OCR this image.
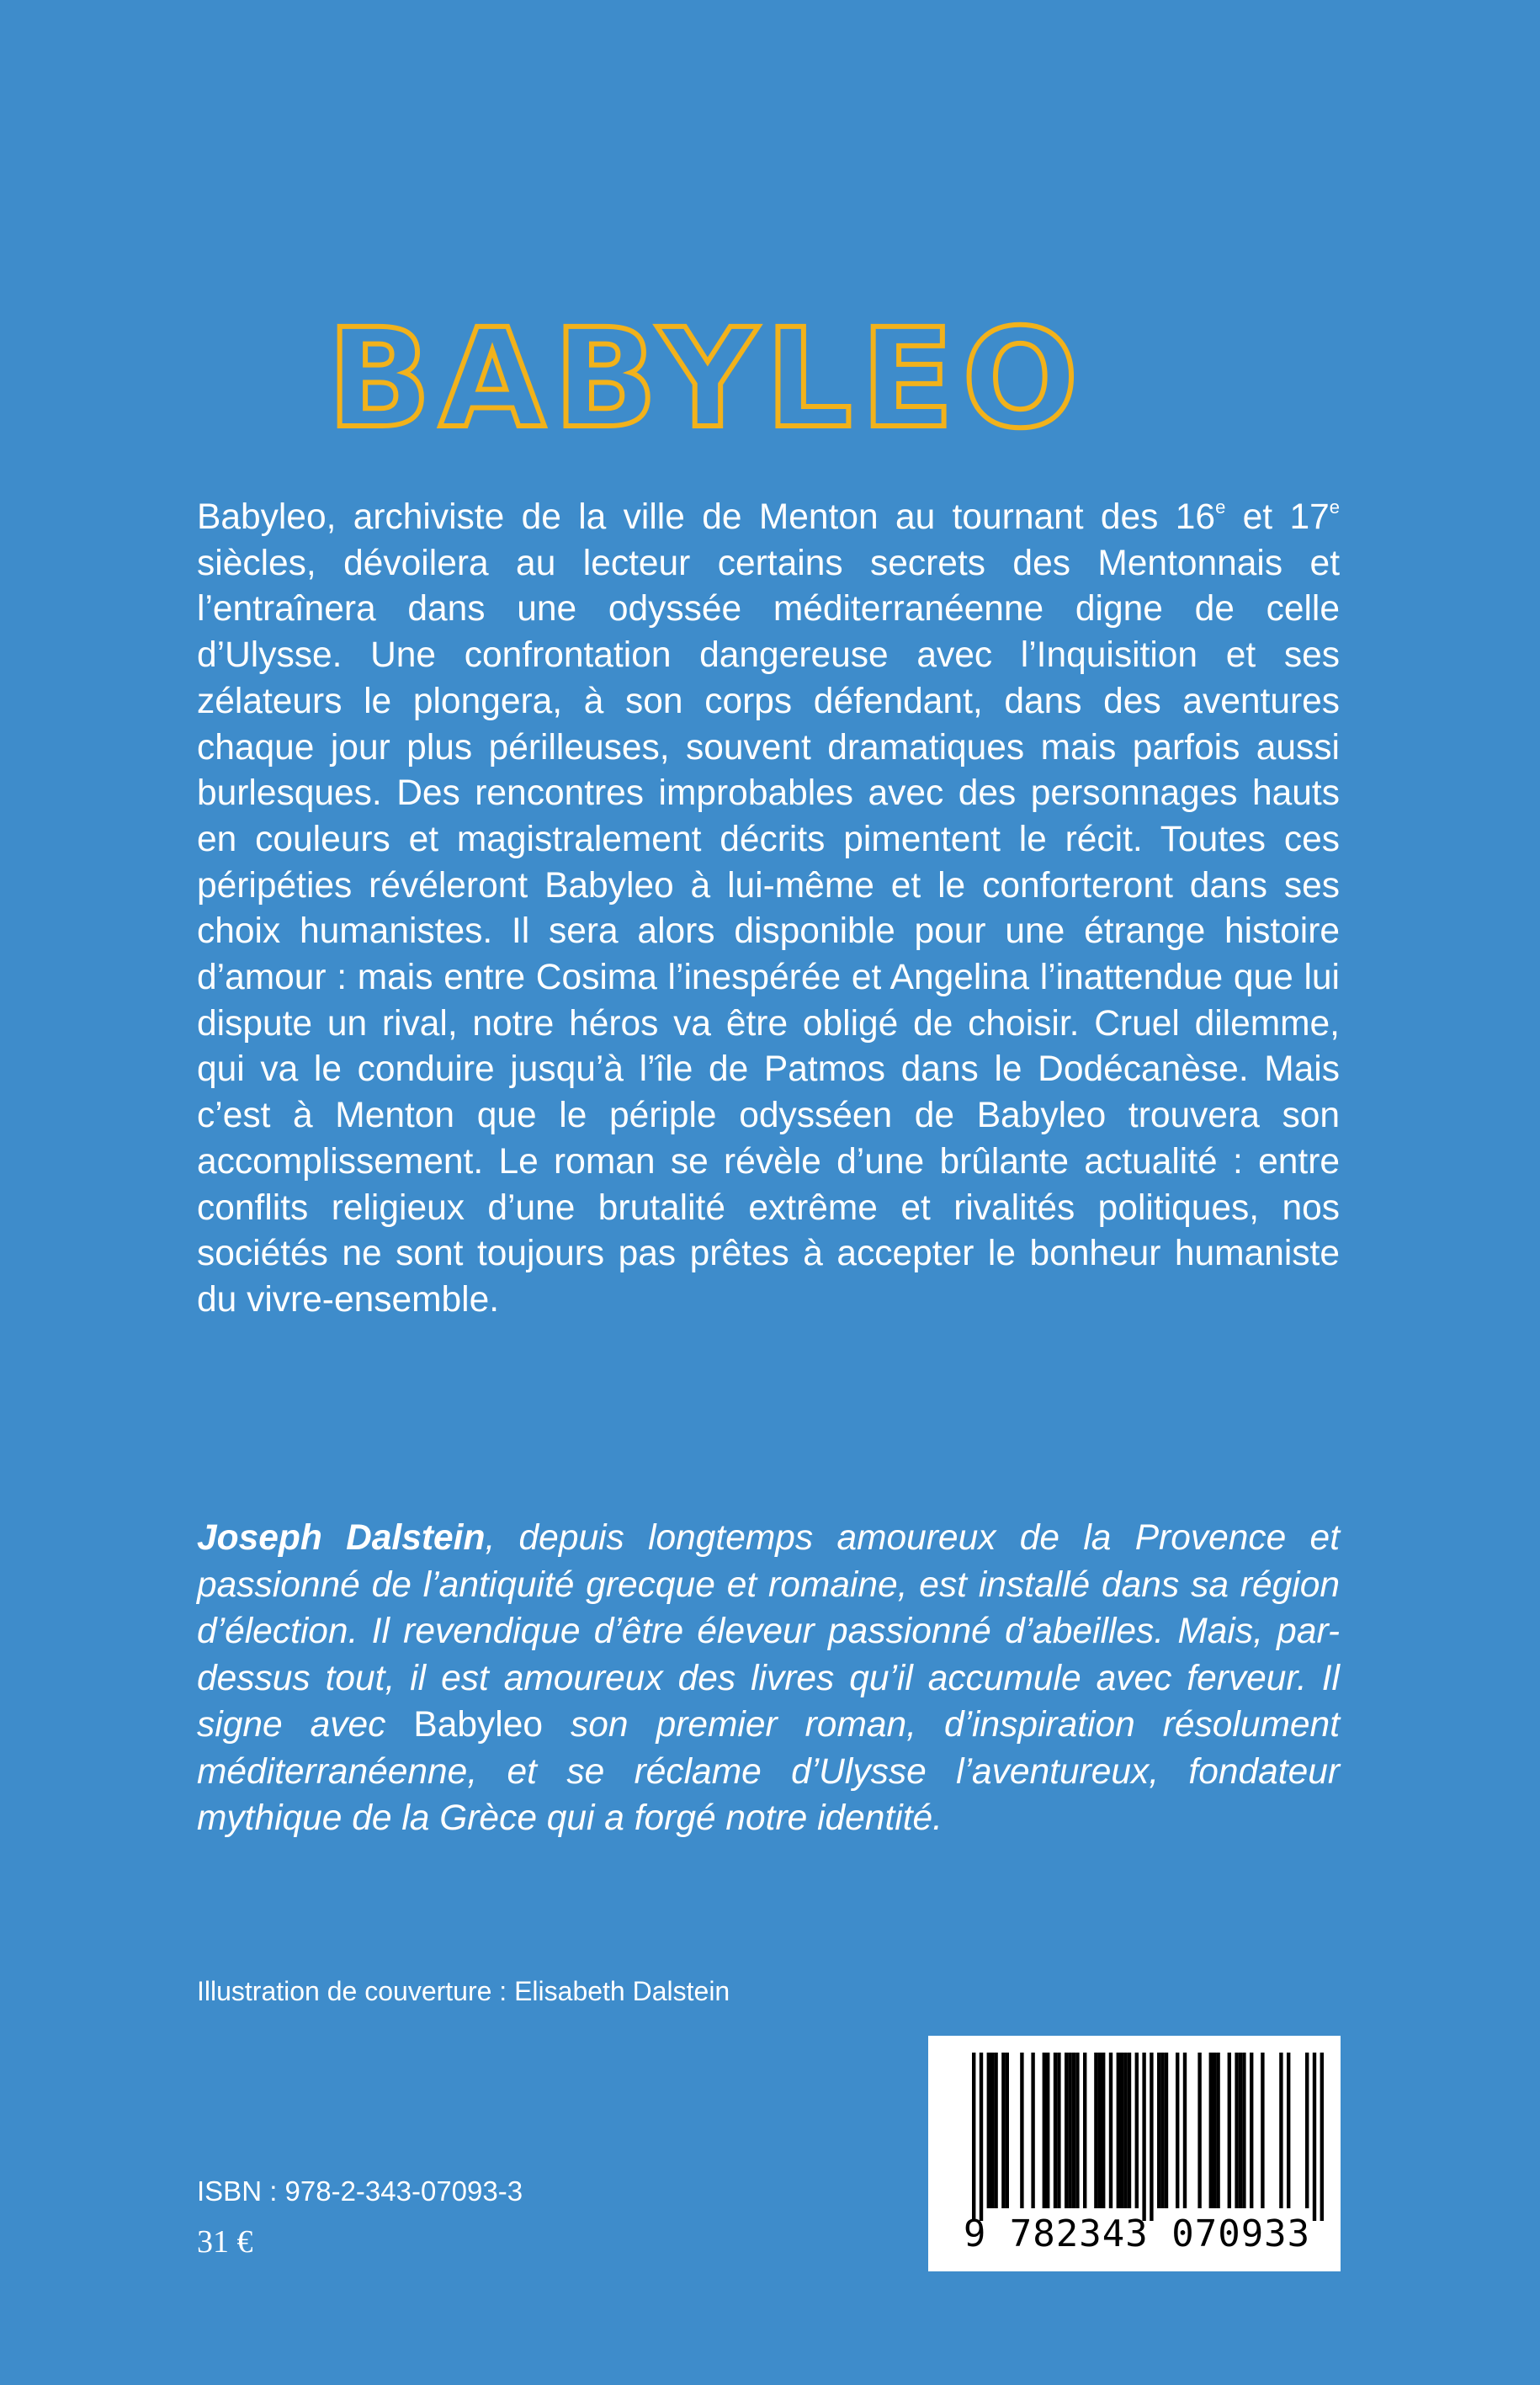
BABYLEO

Babyleo, archiviste de la ville de Menton au tournant des 16e et 17e siècles, dévoilera au lecteur certains secrets des Mentonnais et l’entraînera dans une odyssée méditerranéenne digne de celle d’Ulysse. Une confrontation dangereuse avec l’Inquisition et ses zélateurs le plongera, à son corps défendant, dans des aventures chaque jour plus périlleuses, souvent dramatiques mais parfois aussi burlesques. Des rencontres improbables avec des personnages hauts en couleurs et magistralement décrits pimentent le récit. Toutes ces péripéties révéleront Babyleo à lui-même et le conforteront dans ses choix humanistes. Il sera alors disponible pour une étrange histoire d’amour : mais entre Cosima l’inespérée et Angelina l’inattendue que lui dispute un rival, notre héros va être obligé de choisir. Cruel dilemme, qui va le conduire jusqu’à l’île de Patmos dans le Dodécanèse. Mais c’est à Menton que le périple odysséen de Babyleo trouvera son accomplissement. Le roman se révèle d’une brûlante actualité : entre conflits religieux d’une brutalité extrême et rivalités politiques, nos sociétés ne sont toujours pas prêtes à accepter le bonheur humaniste du vivre-ensemble.

Joseph Dalstein, depuis longtemps amoureux de la Provence et passionné de l’antiquité grecque et romaine, est installé dans sa région d’élection. Il revendique d’être éleveur passionné d’abeilles. Mais, par-dessus tout, il est amoureux des livres qu’il accumule avec ferveur. Il signe avec Babyleo son premier roman, d’inspiration résolument méditerranéenne, et se réclame d’Ulysse l’aventureux, fondateur mythique de la Grèce qui a forgé notre identité.
Illustration de couverture : Elisabeth Dalstein
ISBN : 978-2-343-07093-3
31 €	9 782343 070933
